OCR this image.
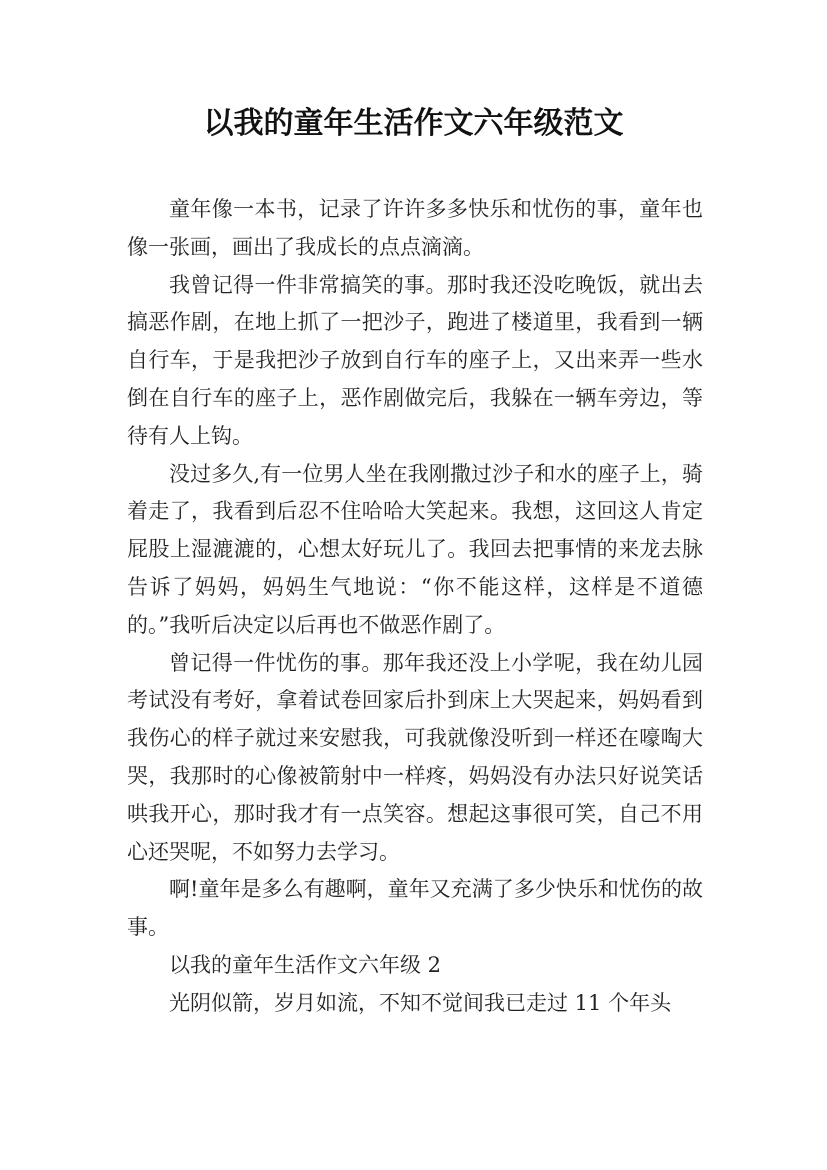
以我的童年生活作文六年级范文

童年像一本书，记录了许许多多快乐和忧伤的事，童年也像一张画，画出了我成长的点点滴滴。

我曾记得一件非常搞笑的事。那时我还没吃晚饭，就出去搞恶作剧，在地上抓了一把沙子，跑进了楼道里，我看到一辆自行车，于是我把沙子放到自行车的座子上，又出来弄一些水倒在自行车的座子上，恶作剧做完后，我躲在一辆车旁边，等待有人上钩。

没过多久,有一位男人坐在我刚撒过沙子和水的座子上，骑着走了，我看到后忍不住哈哈大笑起来。我想，这回这人肯定屁股上湿漉漉的，心想太好玩儿了。我回去把事情的来龙去脉告诉了妈妈，妈妈生气地说：“你不能这样，这样是不道德的。”我听后决定以后再也不做恶作剧了。

曾记得一件忧伤的事。那年我还没上小学呢，我在幼儿园考试没有考好，拿着试卷回家后扑到床上大哭起来，妈妈看到我伤心的样子就过来安慰我，可我就像没听到一样还在嚎啕大哭，我那时的心像被箭射中一样疼，妈妈没有办法只好说笑话哄我开心，那时我才有一点笑容。想起这事很可笑，自己不用心还哭呢，不如努力去学习。

啊!童年是多么有趣啊，童年又充满了多少快乐和忧伤的故事。

以我的童年生活作文六年级 2

光阴似箭，岁月如流，不知不觉间我已走过 11 个年头
